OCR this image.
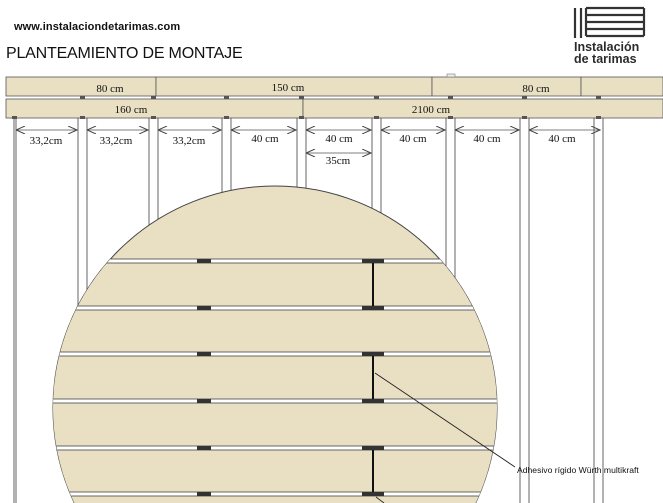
www.instalaciondetarimas.com
PLANTEAMIENTO DE MONTAJE	Instalación
de tarimas
80 cm	150 cm	80 cm
160 cm	2100 cm
33,2cm	33,2cm	33,2cm	40 cm	40 cm	40 cm	40 cm	40 cm
35cm
Adhesivo rígido Würth multikraft
